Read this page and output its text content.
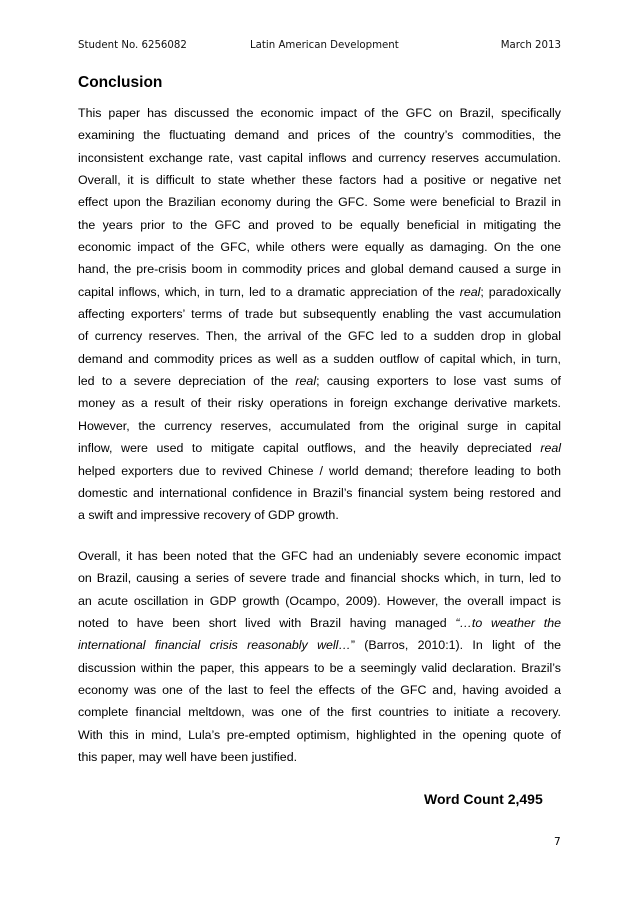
Student No. 6256082	Latin American Development	March 2013
Conclusion

This paper has discussed the economic impact of the GFC on Brazil, specifically
examining the fluctuating demand and prices of the country’s commodities, the
inconsistent exchange rate, vast capital inflows and currency reserves accumulation.
Overall, it is difficult to state whether these factors had a positive or negative net
effect upon the Brazilian economy during the GFC. Some were beneficial to Brazil in
the years prior to the GFC and proved to be equally beneficial in mitigating the
economic impact of the GFC, while others were equally as damaging. On the one
hand, the pre-crisis boom in commodity prices and global demand caused a surge in
capital inflows, which, in turn, led to a dramatic appreciation of the real; paradoxically
affecting exporters’ terms of trade but subsequently enabling the vast accumulation
of currency reserves. Then, the arrival of the GFC led to a sudden drop in global
demand and commodity prices as well as a sudden outflow of capital which, in turn,
led to a severe depreciation of the real; causing exporters to lose vast sums of
money as a result of their risky operations in foreign exchange derivative markets.
However, the currency reserves, accumulated from the original surge in capital
inflow, were used to mitigate capital outflows, and the heavily depreciated real
helped exporters due to revived Chinese / world demand; therefore leading to both
domestic and international confidence in Brazil’s financial system being restored and
a swift and impressive recovery of GDP growth.

Overall, it has been noted that the GFC had an undeniably severe economic impact
on Brazil, causing a series of severe trade and financial shocks which, in turn, led to
an acute oscillation in GDP growth (Ocampo, 2009). However, the overall impact is
noted to have been short lived with Brazil having managed “…to weather the
international financial crisis reasonably well…” (Barros, 2010:1). In light of the
discussion within the paper, this appears to be a seemingly valid declaration. Brazil’s
economy was one of the last to feel the effects of the GFC and, having avoided a
complete financial meltdown, was one of the first countries to initiate a recovery.
With this in mind, Lula’s pre-empted optimism, highlighted in the opening quote of
this paper, may well have been justified.

Word Count 2,495
7
